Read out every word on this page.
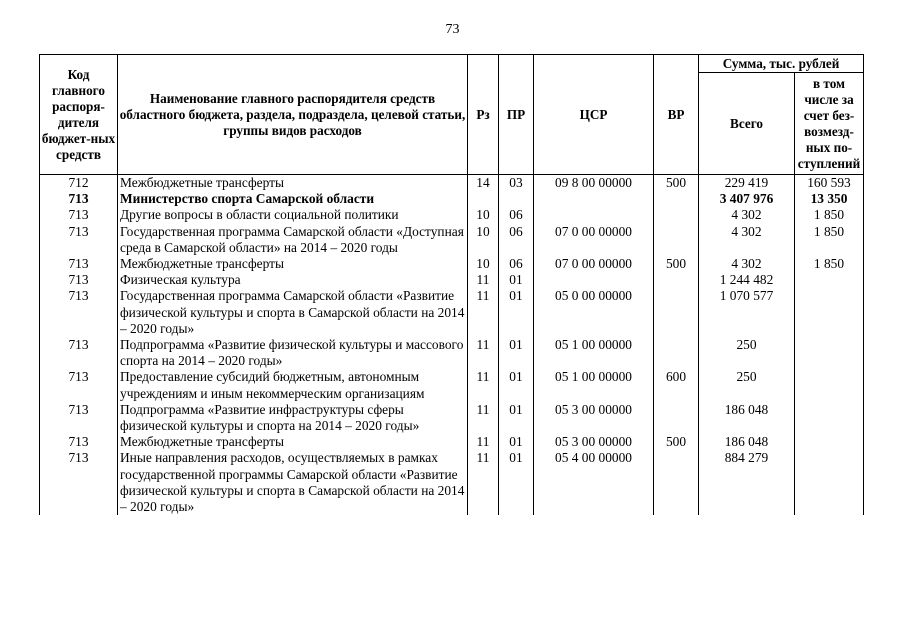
73
Код главного распоря-дителя бюджет-ных средств	Наименование главного распорядителя средств областного бюджета, раздела, подраздела, целевой статьи, группы видов расходов	Рз	ПР	ЦСР	ВР	Сумма, тыс. рублей	
						Всего	в том числе за счет без-возмезд-ных по-ступлений
712	Межбюджетные трансферты	14	03	09 8 00 00000	500	229 419	160 593
713	Министерство спорта Самарской области					3 407 976	13 350
713	Другие вопросы в области социальной политики	10	06			4 302	1 850
713	Государственная программа Самарской области «Доступная среда в Самарской области» на 2014 – 2020 годы	10	06	07 0 00 00000		4 302	1 850
713	Межбюджетные трансферты	10	06	07 0 00 00000	500	4 302	1 850
713	Физическая культура	11	01			1 244 482	
713	Государственная программа Самарской области «Развитие физической культуры и спорта в Самарской области на 2014 – 2020 годы»	11	01	05 0 00 00000		1 070 577	
713	Подпрограмма «Развитие физической культуры и массового спорта на 2014 – 2020 годы»	11	01	05 1 00 00000		250	
713	Предоставление субсидий бюджетным, автономным учреждениям и иным некоммерческим организациям	11	01	05 1 00 00000	600	250	
713	Подпрограмма «Развитие инфраструктуры сферы физической культуры и спорта на 2014 – 2020 годы»	11	01	05 3 00 00000		186 048	
713	Межбюджетные трансферты	11	01	05 3 00 00000	500	186 048	
713	Иные направления расходов, осуществляемых в рамках государственной программы Самарской области «Развитие физической культуры и спорта в Самарской области на 2014 – 2020 годы»	11	01	05 4 00 00000		884 279	
